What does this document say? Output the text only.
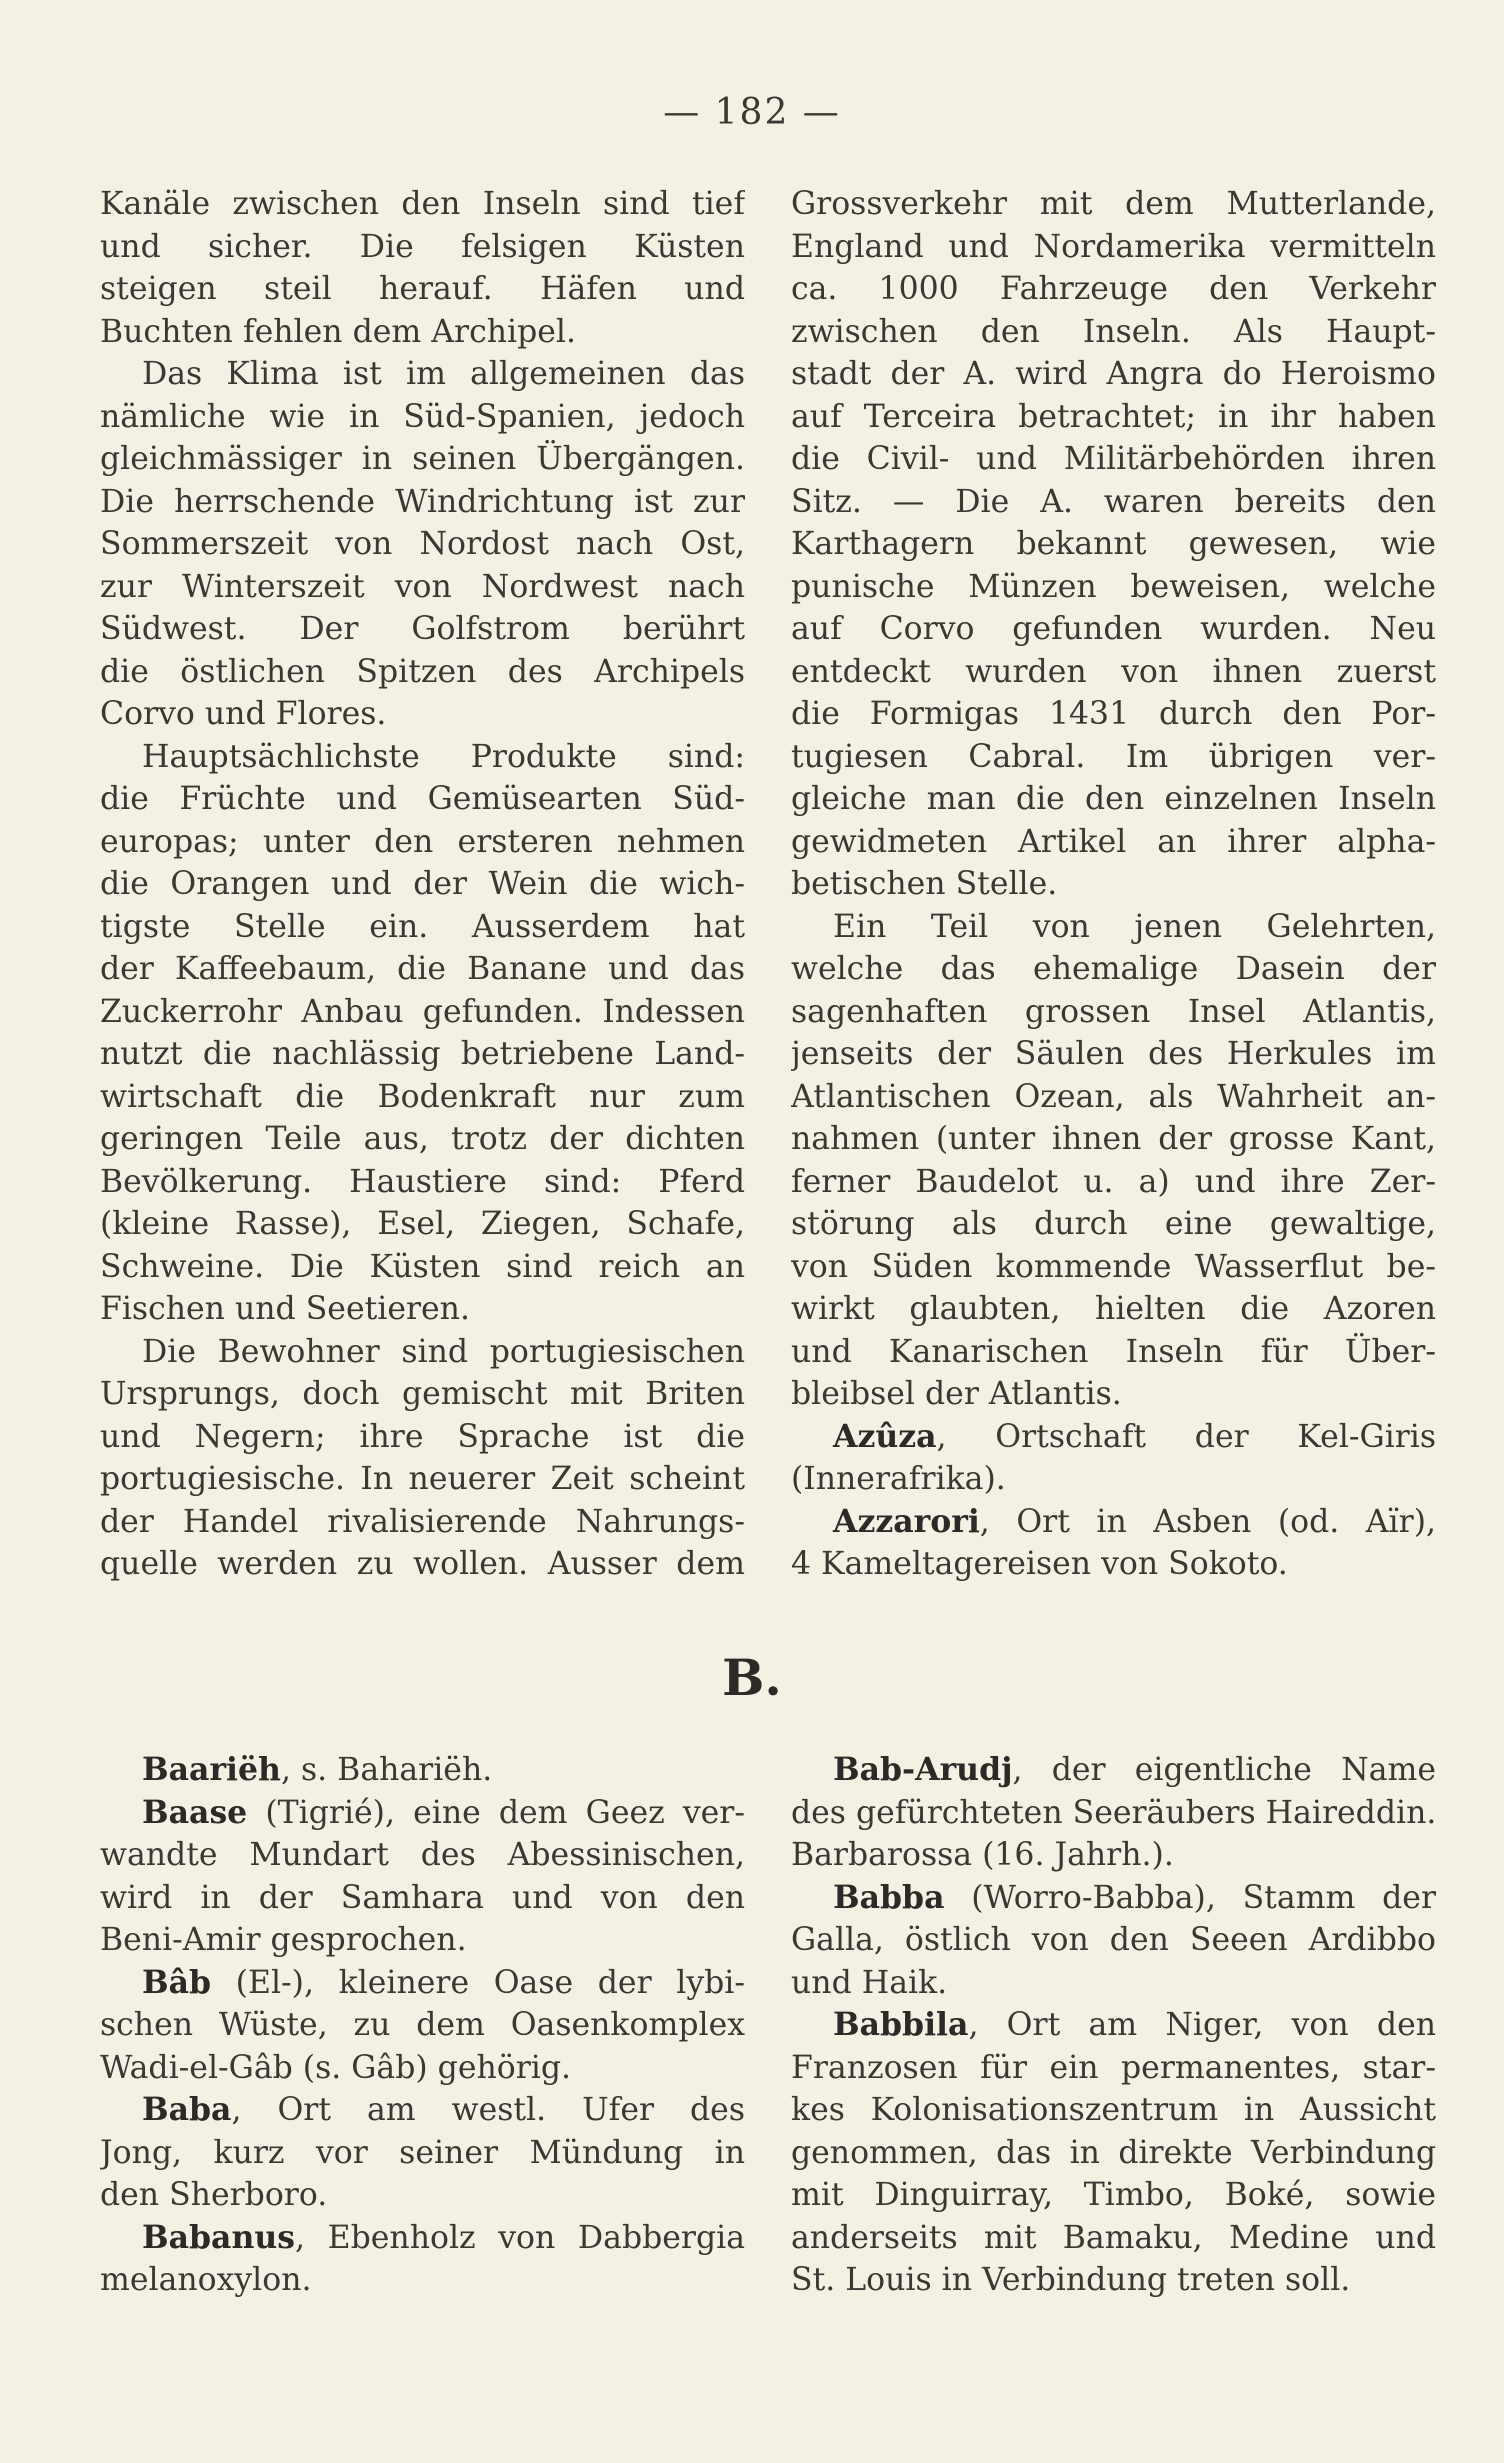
— 182 —
Kanäle zwischen den Inseln sind tief
und sicher. Die felsigen Küsten
steigen steil herauf. Häfen und
Buchten fehlen dem Archipel.
Das Klima ist im allgemeinen das
nämliche wie in Süd-Spanien, jedoch
gleichmässiger in seinen Übergängen.
Die herrschende Windrichtung ist zur
Sommerszeit von Nordost nach Ost,
zur Winterszeit von Nordwest nach
Südwest. Der Golfstrom berührt
die östlichen Spitzen des Archipels
Corvo und Flores.
Hauptsächlichste Produkte sind:
die Früchte und Gemüsearten Süd-
europas; unter den ersteren nehmen
die Orangen und der Wein die wich-
tigste Stelle ein. Ausserdem hat
der Kaffeebaum, die Banane und das
Zuckerrohr Anbau gefunden. Indessen
nutzt die nachlässig betriebene Land-
wirtschaft die Bodenkraft nur zum
geringen Teile aus, trotz der dichten
Bevölkerung. Haustiere sind: Pferd
(kleine Rasse), Esel, Ziegen, Schafe,
Schweine. Die Küsten sind reich an
Fischen und Seetieren.
Die Bewohner sind portugiesischen
Ursprungs, doch gemischt mit Briten
und Negern; ihre Sprache ist die
portugiesische. In neuerer Zeit scheint
der Handel rivalisierende Nahrungs-
quelle werden zu wollen. Ausser dem
Grossverkehr mit dem Mutterlande,
England und Nordamerika vermitteln
ca. 1000 Fahrzeuge den Verkehr
zwischen den Inseln. Als Haupt-
stadt der A. wird Angra do Heroismo
auf Terceira betrachtet; in ihr haben
die Civil- und Militärbehörden ihren
Sitz. — Die A. waren bereits den
Karthagern bekannt gewesen, wie
punische Münzen beweisen, welche
auf Corvo gefunden wurden. Neu
entdeckt wurden von ihnen zuerst
die Formigas 1431 durch den Por-
tugiesen Cabral. Im übrigen ver-
gleiche man die den einzelnen Inseln
gewidmeten Artikel an ihrer alpha-
betischen Stelle.
Ein Teil von jenen Gelehrten,
welche das ehemalige Dasein der
sagenhaften grossen Insel Atlantis,
jenseits der Säulen des Herkules im
Atlantischen Ozean, als Wahrheit an-
nahmen (unter ihnen der grosse Kant,
ferner Baudelot u. a) und ihre Zer-
störung als durch eine gewaltige,
von Süden kommende Wasserflut be-
wirkt glaubten, hielten die Azoren
und Kanarischen Inseln für Über-
bleibsel der Atlantis.
Azûza, Ortschaft der Kel-Giris
(Innerafrika).
Azzarori, Ort in Asben (od. Aïr),
4 Kameltagereisen von Sokoto.
B.
Baariëh, s. Bahariëh.
Baase (Tigrié), eine dem Geez ver-
wandte Mundart des Abessinischen,
wird in der Samhara und von den
Beni-Amir gesprochen.
Bâb (El-), kleinere Oase der lybi-
schen Wüste, zu dem Oasenkomplex
Wadi-el-Gâb (s. Gâb) gehörig.
Baba, Ort am westl. Ufer des
Jong, kurz vor seiner Mündung in
den Sherboro.
Babanus, Ebenholz von Dabbergia
melanoxylon.
Bab-Arudj, der eigentliche Name
des gefürchteten Seeräubers Haireddin.
Barbarossa (16. Jahrh.).
Babba (Worro-Babba), Stamm der
Galla, östlich von den Seeen Ardibbo
und Haik.
Babbila, Ort am Niger, von den
Franzosen für ein permanentes, star-
kes Kolonisationszentrum in Aussicht
genommen, das in direkte Verbindung
mit Dinguirray, Timbo, Boké, sowie
anderseits mit Bamaku, Medine und
St. Louis in Verbindung treten soll.
